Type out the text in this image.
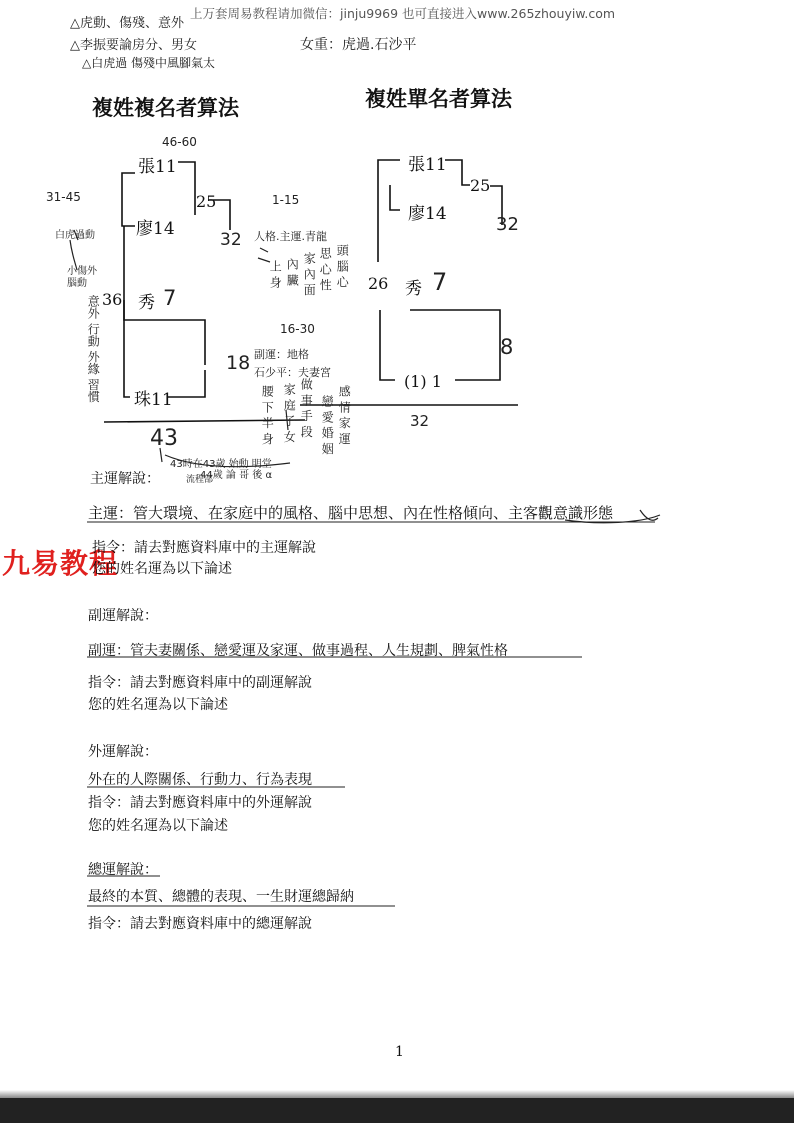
上万套周易教程请加微信：jinju9969 也可直接进入www.265zhouyiw.com
九易教程
△虎動、傷殘、意外
△李振要論房分、男女
△白虎過 傷殘中風腳氣太
女重：虎過.石沙平
複姓複名者算法	複姓單名者算法
46-60
31-45
張11
廖14
25
32
36 秀 7
18
珠11
43
白虎過動
小傷外
腦動
意外 行動 外緣 習慣
43時在43歲 始動 明堂
44歲 論 哥 後 α
流程部
1-15
人格.主運.青龍
上 身 內 臟 家 內 面 思 心 性 頭 腦 心
16-30
副運：地格
石少平：夫妻宮
腰 下 半 身 家 庭 子 女 做 事 手 段 戀 愛 婚 姻 感 情 家 運
張11
廖14
25
32
26 秀 7
8
(1) 1
32
主運解說：
主運：管大環境、在家庭中的風格、腦中思想、內在性格傾向、主客觀意識形態
指令：請去對應資料庫中的主運解說
您的姓名運為以下論述
副運解說：
副運：管夫妻關係、戀愛運及家運、做事過程、人生規劃、脾氣性格
指令：請去對應資料庫中的副運解說
您的姓名運為以下論述
外運解說：
外在的人際關係、行動力、行為表現
指令：請去對應資料庫中的外運解說
您的姓名運為以下論述
總運解說：
最終的本質、總體的表現、一生財運總歸納
指令：請去對應資料庫中的總運解說
1
